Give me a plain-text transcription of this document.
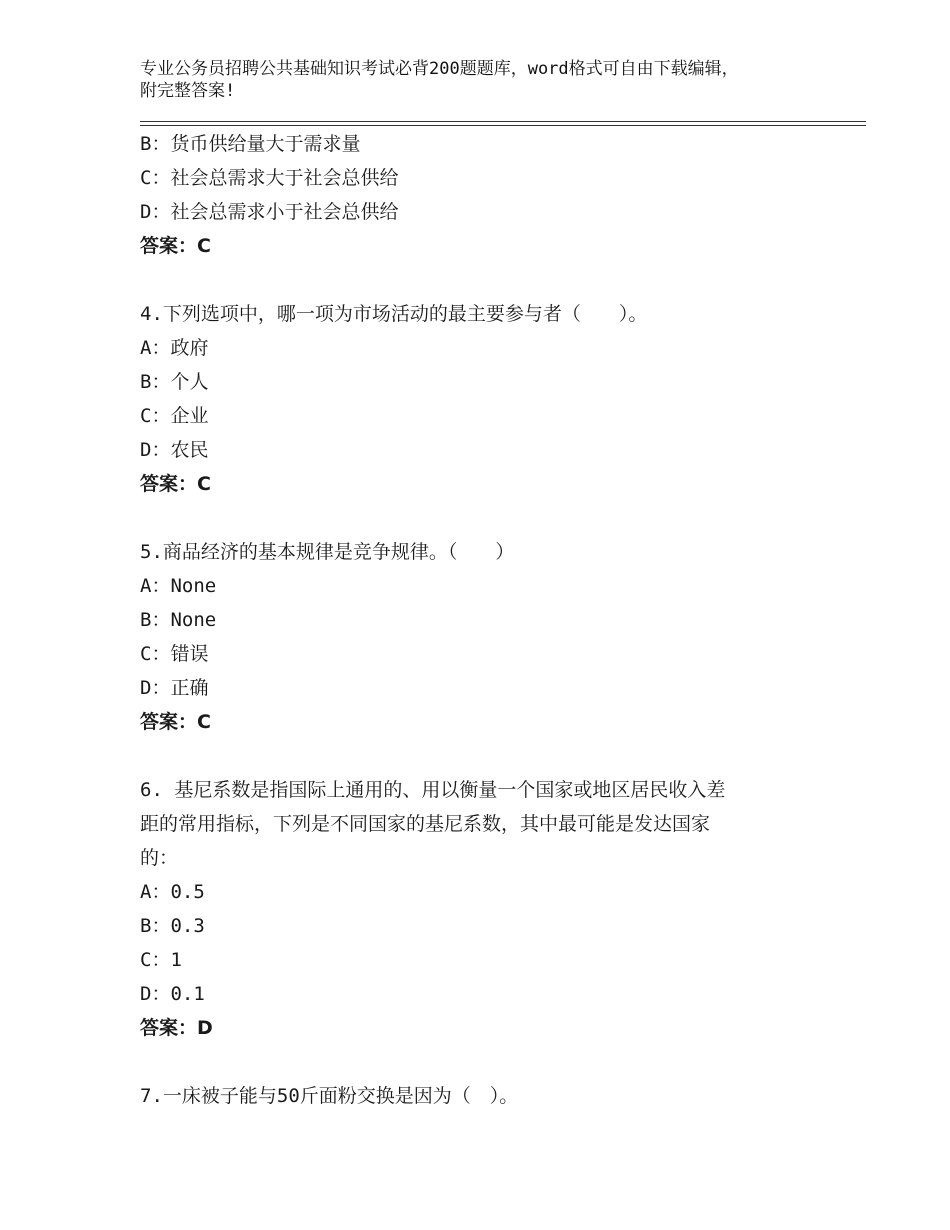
专业公务员招聘公共基础知识考试必背200题题库，word格式可自由下载编辑，
附完整答案!
B：货币供给量大于需求量
C：社会总需求大于社会总供给
D：社会总需求小于社会总供给
答案：C
4.下列选项中，哪一项为市场活动的最主要参与者（　　）。
A：政府
B：个人
C：企业
D：农民
答案：C
5.商品经济的基本规律是竞争规律。（　　）
A：None
B：None
C：错误
D：正确
答案：C
6. 基尼系数是指国际上通用的、用以衡量一个国家或地区居民收入差
距的常用指标，下列是不同国家的基尼系数，其中最可能是发达国家
的：
A：0.5
B：0.3
C：1
D：0.1
答案：D
7.一床被子能与50斤面粉交换是因为（　）。
